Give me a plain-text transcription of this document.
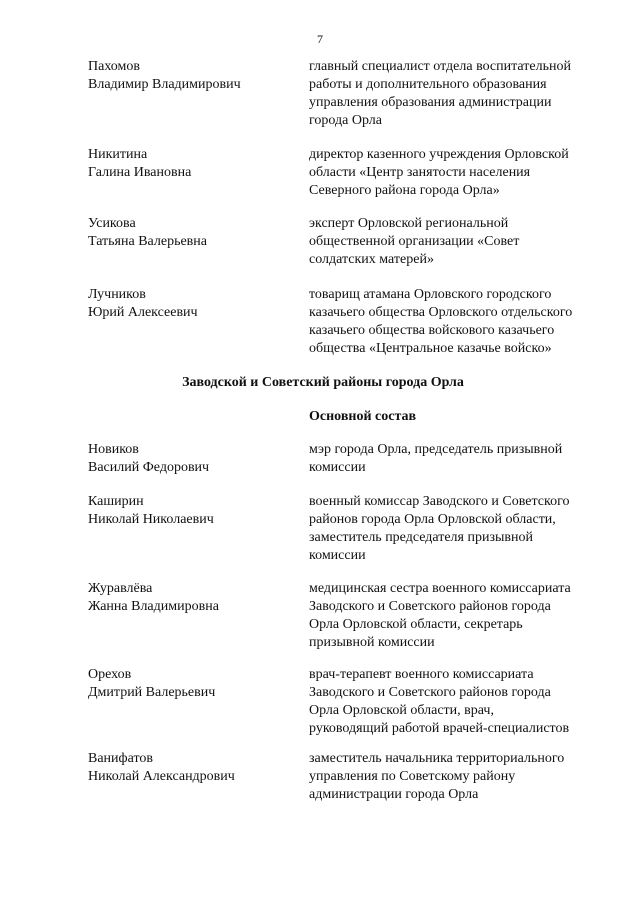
7
Пахомов
Владимир Владимирович
главный специалист отдела воспитательной
работы и дополнительного образования
управления образования администрации
города Орла
Никитина
Галина Ивановна
директор казенного учреждения Орловской
области «Центр занятости населения
Северного района города Орла»
Усикова
Татьяна Валерьевна
эксперт Орловской региональной
общественной организации «Совет
солдатских матерей»
Лучников
Юрий Алексеевич
товарищ атамана Орловского городского
казачьего общества Орловского отдельского
казачьего общества войскового казачьего
общества «Центральное казачье войско»
Заводской и Советский районы города Орла
Основной состав
Новиков
Василий Федорович
мэр города Орла, председатель призывной
комиссии
Каширин
Николай Николаевич
военный комиссар Заводского и Советского
районов города Орла Орловской области,
заместитель председателя призывной
комиссии
Журавлёва
Жанна Владимировна
медицинская сестра военного комиссариата
Заводского и Советского районов города
Орла Орловской области, секретарь
призывной комиссии
Орехов
Дмитрий Валерьевич
врач-терапевт военного комиссариата
Заводского и Советского районов города
Орла Орловской области, врач,
руководящий работой врачей-специалистов
Ванифатов
Николай Александрович
заместитель начальника территориального
управления по Советскому району
администрации города Орла
